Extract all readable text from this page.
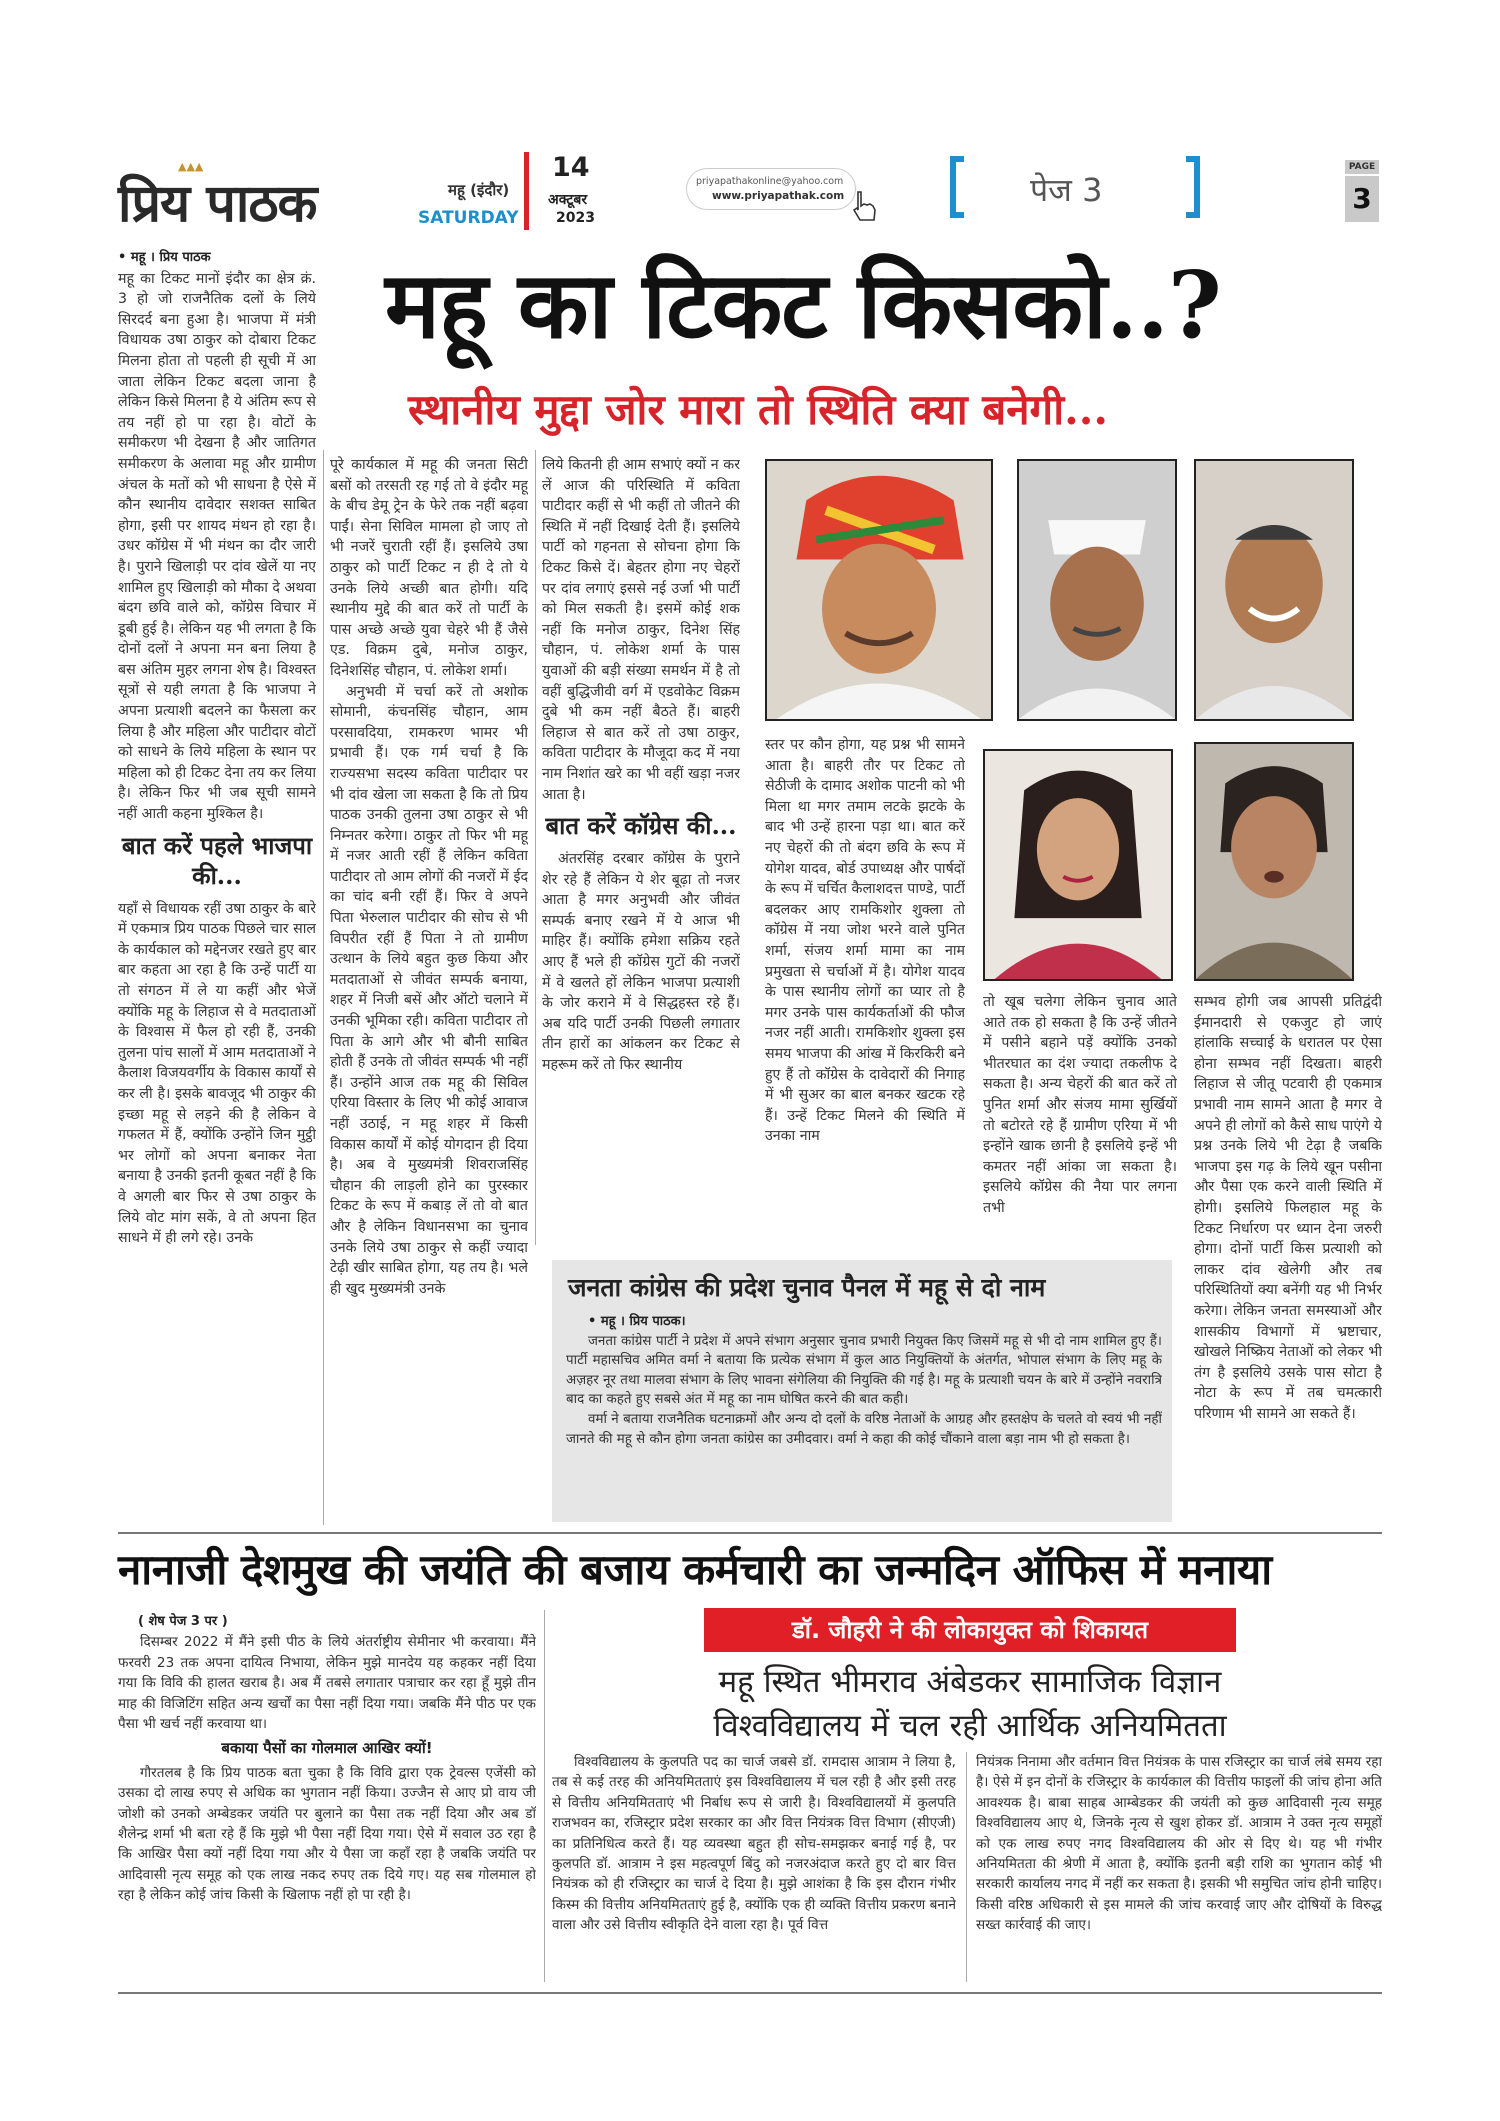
प्रिय पाठक
▲▲▲
महू (इंदौर)
SATURDAY
14
अक्टूबर
2023
priyapathakonline@yahoo.com
www.priyapathak.com	पेज 3
PAGE
3
महू का टिकट किसको..?
स्थानीय मुद्दा जोर मारा तो स्थिति क्या बनेगी...

• महू । प्रिय पाठक

महू का टिकट मानों इंदौर का क्षेत्र क्रं. 3 हो जो राजनैतिक दलों के लिये सिरदर्द बना हुआ है। भाजपा में मंत्री विधायक उषा ठाकुर को दोबारा टिकट मिलना होता तो पहली ही सूची में आ जाता लेकिन टिकट बदला जाना है लेकिन किसे मिलना है ये अंतिम रूप से तय नहीं हो पा रहा है। वोटों के समीकरण भी देखना है और जातिगत समीकरण के अलावा महू और ग्रामीण अंचल के मतों को भी साधना है ऐसे में कौन स्थानीय दावेदार सशक्त साबित होगा, इसी पर शायद मंथन हो रहा है। उधर कॉग्रेस में भी मंथन का दौर जारी है। पुराने खिलाड़ी पर दांव खेलें या नए शामिल हुए खिलाड़ी को मौका दे अथवा बंदग छवि वाले को, कॉग्रेस विचार में डूबी हुई है। लेकिन यह भी लगता है कि दोनों दलों ने अपना मन बना लिया है बस अंतिम मुहर लगना शेष है। विश्वस्त सूत्रों से यही लगता है कि भाजपा ने अपना प्रत्याशी बदलने का फैसला कर लिया है और महिला और पाटीदार वोटों को साधने के लिये महिला के स्थान पर महिला को ही टिकट देना तय कर लिया है। लेकिन फिर भी जब सूची सामने नहीं आती कहना मुश्किल है।

बात करें पहले भाजपा की...

यहाँ से विधायक रहीं उषा ठाकुर के बारे में एकमात्र प्रिय पाठक पिछले चार साल के कार्यकाल को मद्देनजर रखते हुए बार बार कहता आ रहा है कि उन्हें पार्टी या तो संगठन में ले या कहीं और भेजें क्योंकि महू के लिहाज से वे मतदाताओं के विश्वास में फैल हो रही हैं, उनकी तुलना पांच सालों में आम मतदाताओं ने कैलाश विजयवर्गीय के विकास कार्यों से कर ली है। इसके बावजूद भी ठाकुर की इच्छा महू से लड़ने की है लेकिन वे गफलत में हैं, क्योंकि उन्होंने जिन मुट्ठी भर लोगों को अपना बनाकर नेता बनाया है उनकी इतनी कूबत नहीं है कि वे अगली बार फिर से उषा ठाकुर के लिये वोट मांग सकें, वे तो अपना हित साधने में ही लगे रहे। उनके

पूरे कार्यकाल में महू की जनता सिटी बसों को तरसती रह गई तो वे इंदौर महू के बीच डेमू ट्रेन के फेरे तक नहीं बढ़वा पाईं। सेना सिविल मामला हो जाए तो भी नजरें चुराती रहीं हैं। इसलिये उषा ठाकुर को पार्टी टिकट न ही दे तो ये उनके लिये अच्छी बात होगी। यदि स्थानीय मुद्दे की बात करें तो पार्टी के पास अच्छे अच्छे युवा चेहरे भी हैं जैसे एड. विक्रम दुबे, मनोज ठाकुर, दिनेशसिंह चौहान, पं. लोकेश शर्मा।

अनुभवी में चर्चा करें तो अशोक सोमानी, कंचनसिंह चौहान, आम परसावदिया, रामकरण भामर भी प्रभावी हैं। एक गर्म चर्चा है कि राज्यसभा सदस्य कविता पाटीदार पर भी दांव खेला जा सकता है कि तो प्रिय पाठक उनकी तुलना उषा ठाकुर से भी निम्नतर करेगा। ठाकुर तो फिर भी महू में नजर आती रहीं हैं लेकिन कविता पाटीदार तो आम लोगों की नजरों में ईद का चांद बनी रहीं हैं। फिर वे अपने पिता भेरुलाल पाटीदार की सोच से भी विपरीत रहीं हैं पिता ने तो ग्रामीण उत्थान के लिये बहुत कुछ किया और मतदाताओं से जीवंत सम्पर्क बनाया, शहर में निजी बसें और ऑटो चलाने में उनकी भूमिका रही। कविता पाटीदार तो पिता के आगे और भी बौनी साबित होती हैं उनके तो जीवंत सम्पर्क भी नहीं हैं। उन्होंने आज तक महू की सिविल एरिया विस्तार के लिए भी कोई आवाज नहीं उठाई, न महू शहर में किसी विकास कार्यों में कोई योगदान ही दिया है। अब वे मुख्यमंत्री शिवराजसिंह चौहान की लाड़ली होने का पुरस्कार टिकट के रूप में कबाड़ लें तो वो बात और है लेकिन विधानसभा का चुनाव उनके लिये उषा ठाकुर से कहीं ज्यादा टेढ़ी खीर साबित होगा, यह तय है। भले ही खुद मुख्यमंत्री उनके

लिये कितनी ही आम सभाएं क्यों न कर लें आज की परिस्थिति में कविता पाटीदार कहीं से भी कहीं तो जीतने की स्थिति में नहीं दिखाई देती हैं। इसलिये पार्टी को गहनता से सोचना होगा कि टिकट किसे दें। बेहतर होगा नए चेहरों पर दांव लगाएं इससे नई उर्जा भी पार्टी को मिल सकती है। इसमें कोई शक नहीं कि मनोज ठाकुर, दिनेश सिंह चौहान, पं. लोकेश शर्मा के पास युवाओं की बड़ी संख्या समर्थन में है तो वहीं बुद्धिजीवी वर्ग में एडवोकेट विक्रम दुबे भी कम नहीं बैठते हैं। बाहरी लिहाज से बात करें तो उषा ठाकुर, कविता पाटीदार के मौजूदा कद में नया नाम निशांत खरे का भी वहीं खड़ा नजर आता है।

बात करें कॉग्रेस की...

अंतरसिंह दरबार कॉग्रेस के पुराने शेर रहे हैं लेकिन ये शेर बूढ़ा तो नजर आता है मगर अनुभवी और जीवंत सम्पर्क बनाए रखने में ये आज भी माहिर हैं। क्योंकि हमेशा सक्रिय रहते आए हैं भले ही कॉग्रेस गुटों की नजरों में वे खलते हों लेकिन भाजपा प्रत्याशी के जोर कराने में वे सिद्धहस्त रहे हैं। अब यदि पार्टी उनकी पिछली लगातार तीन हारों का आंकलन कर टिकट से महरूम करें तो फिर स्थानीय

स्तर पर कौन होगा, यह प्रश्न भी सामने आता है। बाहरी तौर पर टिकट तो सेठीजी के दामाद अशोक पाटनी को भी मिला था मगर तमाम लटके झटके के बाद भी उन्हें हारना पड़ा था। बात करें नए चेहरों की तो बंदग छवि के रूप में योगेश यादव, बोर्ड उपाध्यक्ष और पार्षदों के रूप में चर्चित कैलाशदत्त पाण्डे, पार्टी बदलकर आए रामकिशोर शुक्ला तो कॉग्रेस में नया जोश भरने वाले पुनित शर्मा, संजय शर्मा मामा का नाम प्रमुखता से चर्चाओं में है। योगेश यादव के पास स्थानीय लोगों का प्यार तो है मगर उनके पास कार्यकर्ताओं की फौज नजर नहीं आती। रामकिशोर शुक्ला इस समय भाजपा की आंख में किरकिरी बने हुए हैं तो कॉग्रेस के दावेदारों की निगाह में भी सुअर का बाल बनकर खटक रहे हैं। उन्हें टिकट मिलने की स्थिति में उनका नाम

तो खूब चलेगा लेकिन चुनाव आते आते तक हो सकता है कि उन्हें जीतने में पसीने बहाने पड़ें क्योंकि उनको भीतरघात का दंश ज्यादा तकलीफ दे सकता है। अन्य चेहरों की बात करें तो पुनित शर्मा और संजय मामा सुर्खियों तो बटोरते रहे हैं ग्रामीण एरिया में भी इन्होंने खाक छानी है इसलिये इन्हें भी कमतर नहीं आंका जा सकता है। इसलिये कॉग्रेस की नैया पार लगना तभी

सम्भव होगी जब आपसी प्रतिद्वंदी ईमानदारी से एकजुट हो जाएं हांलाकि सच्चाई के धरातल पर ऐसा होना सम्भव नहीं दिखता। बाहरी लिहाज से जीतू पटवारी ही एकमात्र प्रभावी नाम सामने आता है मगर वे अपने ही लोगों को कैसे साध पाएंगे ये प्रश्न उनके लिये भी टेढ़ा है जबकि भाजपा इस गढ़ के लिये खून पसीना और पैसा एक करने वाली स्थिति में होगी। इसलिये फिलहाल महू के टिकट निर्धारण पर ध्यान देना जरुरी होगा। दोनों पार्टी किस प्रत्याशी को लाकर दांव खेलेगी और तब परिस्थितियों क्या बनेंगी यह भी निर्भर करेगा। लेकिन जनता समस्याओं और शासकीय विभागों में भ्रष्टाचार, खोखले निष्क्रिय नेताओं को लेकर भी तंग है इसलिये उसके पास सोटा है नोटा के रूप में तब चमत्कारी परिणाम भी सामने आ सकते हैं।

जनता कांग्रेस की प्रदेश चुनाव पैनल में महू से दो नाम

• महू । प्रिय पाठक।

जनता कांग्रेस पार्टी ने प्रदेश में अपने संभाग अनुसार चुनाव प्रभारी नियुक्त किए जिसमें महू से भी दो नाम शामिल हुए हैं। पार्टी महासचिव अमित वर्मा ने बताया कि प्रत्येक संभाग में कुल आठ नियुक्तियों के अंतर्गत, भोपाल संभाग के लिए महू के अज़हर नूर तथा मालवा संभाग के लिए भावना संगेलिया की नियुक्ति की गई है। महू के प्रत्याशी चयन के बारे में उन्होंने नवरात्रि बाद का कहते हुए सबसे अंत में महू का नाम घोषित करने की बात कही।

वर्मा ने बताया राजनैतिक घटनाक्रमों और अन्य दो दलों के वरिष्ठ नेताओं के आग्रह और हस्तक्षेप के चलते वो स्वयं भी नहीं जानते की महू से कौन होगा जनता कांग्रेस का उमीदवार। वर्मा ने कहा की कोई चौंकाने वाला बड़ा नाम भी हो सकता है।

नानाजी देशमुख की जयंति की बजाय कर्मचारी का जन्मदिन ऑफिस में मनाया

( शेष पेज 3 पर )

दिसम्बर 2022 में मैंने इसी पीठ के लिये अंतर्राष्ट्रीय सेमीनार भी करवाया। मैंने फरवरी 23 तक अपना दायित्व निभाया, लेकिन मुझे मानदेय यह कहकर नहीं दिया गया कि विवि की हालत खराब है। अब मैं तबसे लगातार पत्राचार कर रहा हूँ मुझे तीन माह की विजिटिंग सहित अन्य खर्चों का पैसा नहीं दिया गया। जबकि मैंने पीठ पर एक पैसा भी खर्च नहीं करवाया था।

बकाया पैसों का गोलमाल आखिर क्यों!

गौरतलब है कि प्रिय पाठक बता चुका है कि विवि द्वारा एक ट्रेवल्स एजेंसी को उसका दो लाख रुपए से अधिक का भुगतान नहीं किया। उज्जैन से आए प्रो वाय जी जोशी को उनको अम्बेडकर जयंति पर बुलाने का पैसा तक नहीं दिया और अब डॉ शैलेन्द्र शर्मा भी बता रहे हैं कि मुझे भी पैसा नहीं दिया गया। ऐसे में सवाल उठ रहा है कि आखिर पैसा क्यों नहीं दिया गया और ये पैसा जा कहाँ रहा है जबकि जयंति पर आदिवासी नृत्य समूह को एक लाख नकद रुपए तक दिये गए। यह सब गोलमाल हो रहा है लेकिन कोई जांच किसी के खिलाफ नहीं हो पा रही है।

डॉ. जौहरी ने की लोकायुक्त को शिकायत
महू स्थित भीमराव अंबेडकर सामाजिक विज्ञान
विश्वविद्यालय में चल रही आर्थिक अनियमितता

विश्वविद्यालय के कुलपति पद का चार्ज जबसे डॉ. रामदास आत्राम ने लिया है, तब से कई तरह की अनियमितताएं इस विश्वविद्यालय में चल रही है और इसी तरह से वित्तीय अनियमितताएं भी निर्बाध रूप से जारी है। विश्वविद्यालयों में कुलपति राजभवन का, रजिस्ट्रार प्रदेश सरकार का और वित्त नियंत्रक वित्त विभाग (सीएजी) का प्रतिनिधित्व करते हैं। यह व्यवस्था बहुत ही सोच-समझकर बनाई गई है, पर कुलपति डॉ. आत्राम ने इस महत्वपूर्ण बिंदु को नजरअंदाज करते हुए दो बार वित्त नियंत्रक को ही रजिस्ट्रार का चार्ज दे दिया है। मुझे आशंका है कि इस दौरान गंभीर किस्म की वित्तीय अनियमितताएं हुई है, क्योंकि एक ही व्यक्ति वित्तीय प्रकरण बनाने वाला और उसे वित्तीय स्वीकृति देने वाला रहा है। पूर्व वित्त

नियंत्रक निनामा और वर्तमान वित्त नियंत्रक के पास रजिस्ट्रार का चार्ज लंबे समय रहा है। ऐसे में इन दोनों के रजिस्ट्रार के कार्यकाल की वित्तीय फाइलों की जांच होना अति आवश्यक है। बाबा साहब आम्बेडकर की जयंती को कुछ आदिवासी नृत्य समूह विश्वविद्यालय आए थे, जिनके नृत्य से खुश होकर डॉ. आत्राम ने उक्त नृत्य समूहों को एक लाख रुपए नगद विश्वविद्यालय की ओर से दिए थे। यह भी गंभीर अनियमितता की श्रेणी में आता है, क्योंकि इतनी बड़ी राशि का भुगतान कोई भी सरकारी कार्यालय नगद में नहीं कर सकता है। इसकी भी समुचित जांच होनी चाहिए। किसी वरिष्ठ अधिकारी से इस मामले की जांच करवाई जाए और दोषियों के विरुद्ध सख्त कार्रवाई की जाए।
